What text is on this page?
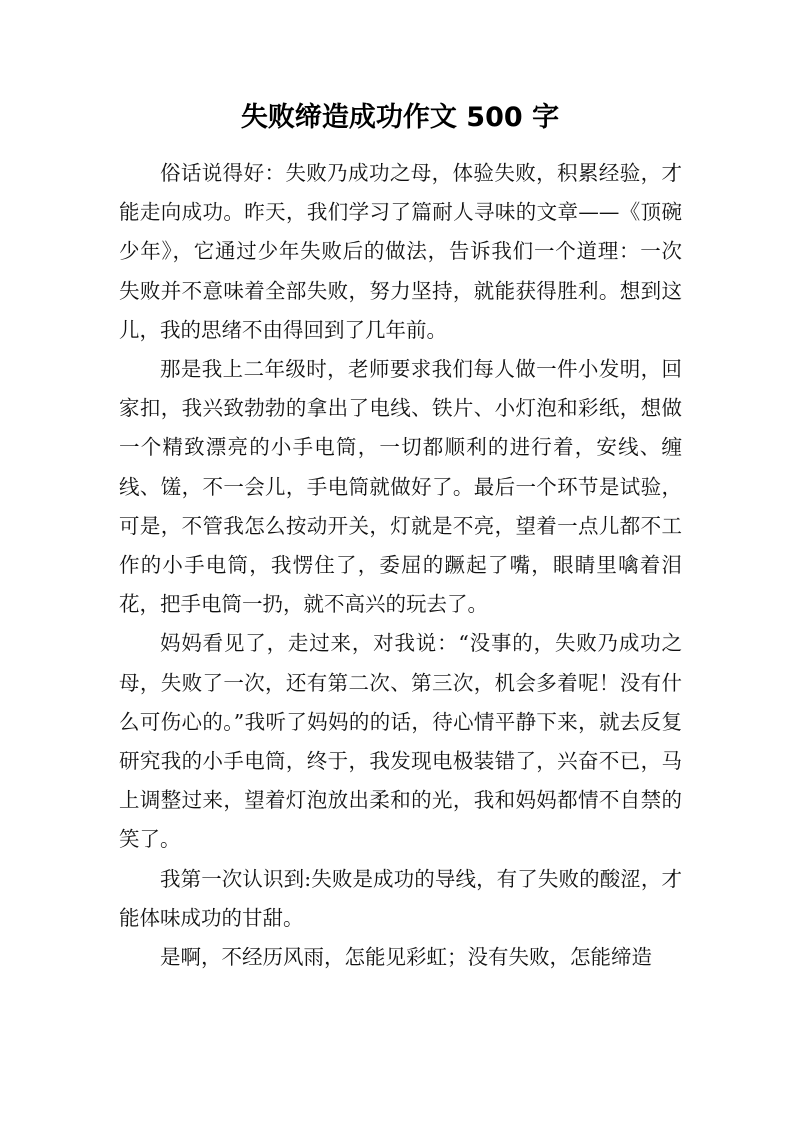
失败缔造成功作文 500 字

俗话说得好：失败乃成功之母，体验失败，积累经验，才能走向成功。昨天，我们学习了篇耐人寻味的文章——《顶碗少年》，它通过少年失败后的做法，告诉我们一个道理：一次失败并不意味着全部失败，努力坚持，就能获得胜利。想到这儿，我的思绪不由得回到了几年前。

那是我上二年级时，老师要求我们每人做一件小发明，回家扣，我兴致勃勃的拿出了电线、铁片、小灯泡和彩纸，想做一个精致漂亮的小手电筒，一切都顺利的进行着，安线、缠线、馐，不一会儿，手电筒就做好了。最后一个环节是试验，可是，不管我怎么按动开关，灯就是不亮，望着一点儿都不工作的小手电筒，我愣住了，委屈的蹶起了嘴，眼睛里噙着泪花，把手电筒一扔，就不高兴的玩去了。

妈妈看见了，走过来，对我说：“没事的，失败乃成功之母，失败了一次，还有第二次、第三次，机会多着呢！没有什么可伤心的。”我听了妈妈的的话，待心情平静下来，就去反复研究我的小手电筒，终于，我发现电极装错了，兴奋不已，马上调整过来，望着灯泡放出柔和的光，我和妈妈都情不自禁的笑了。

我第一次认识到:失败是成功的导线，有了失败的酸涩，才能体味成功的甘甜。

是啊，不经历风雨，怎能见彩虹；没有失败，怎能缔造
